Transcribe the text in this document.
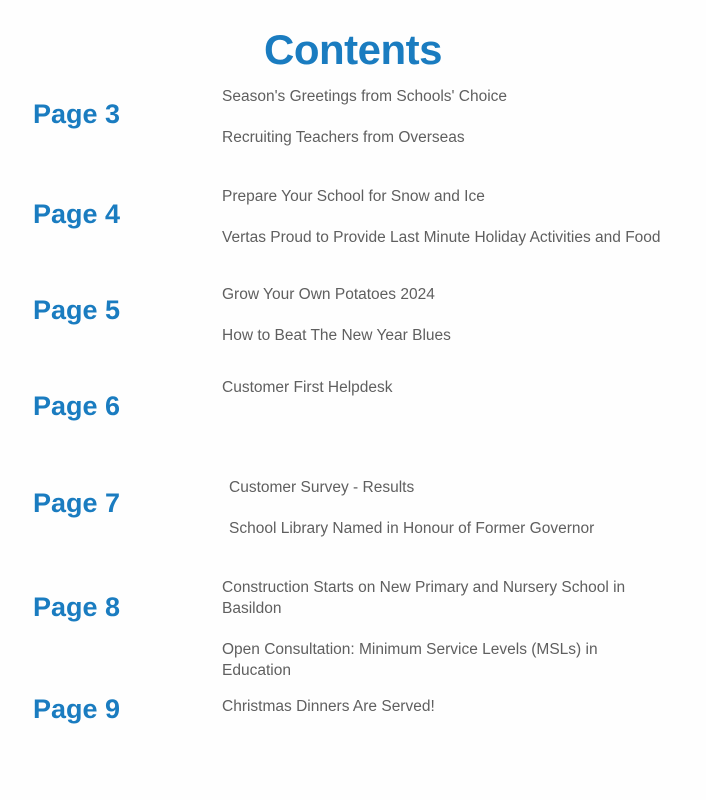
Contents
Page 3

Season's Greetings from Schools' Choice

Recruiting Teachers from Overseas

Page 4

Prepare Your School for Snow and Ice

Vertas Proud to Provide Last Minute Holiday Activities and Food

Page 5

Grow Your Own Potatoes 2024

How to Beat The New Year Blues

Page 6

Customer First Helpdesk

Page 7

Customer Survey - Results

School Library Named in Honour of Former Governor

Page 8

Construction Starts on New Primary and Nursery School in Basildon

Open Consultation: Minimum Service Levels (MSLs) in Education

Page 9	Christmas Dinners Are Served!
